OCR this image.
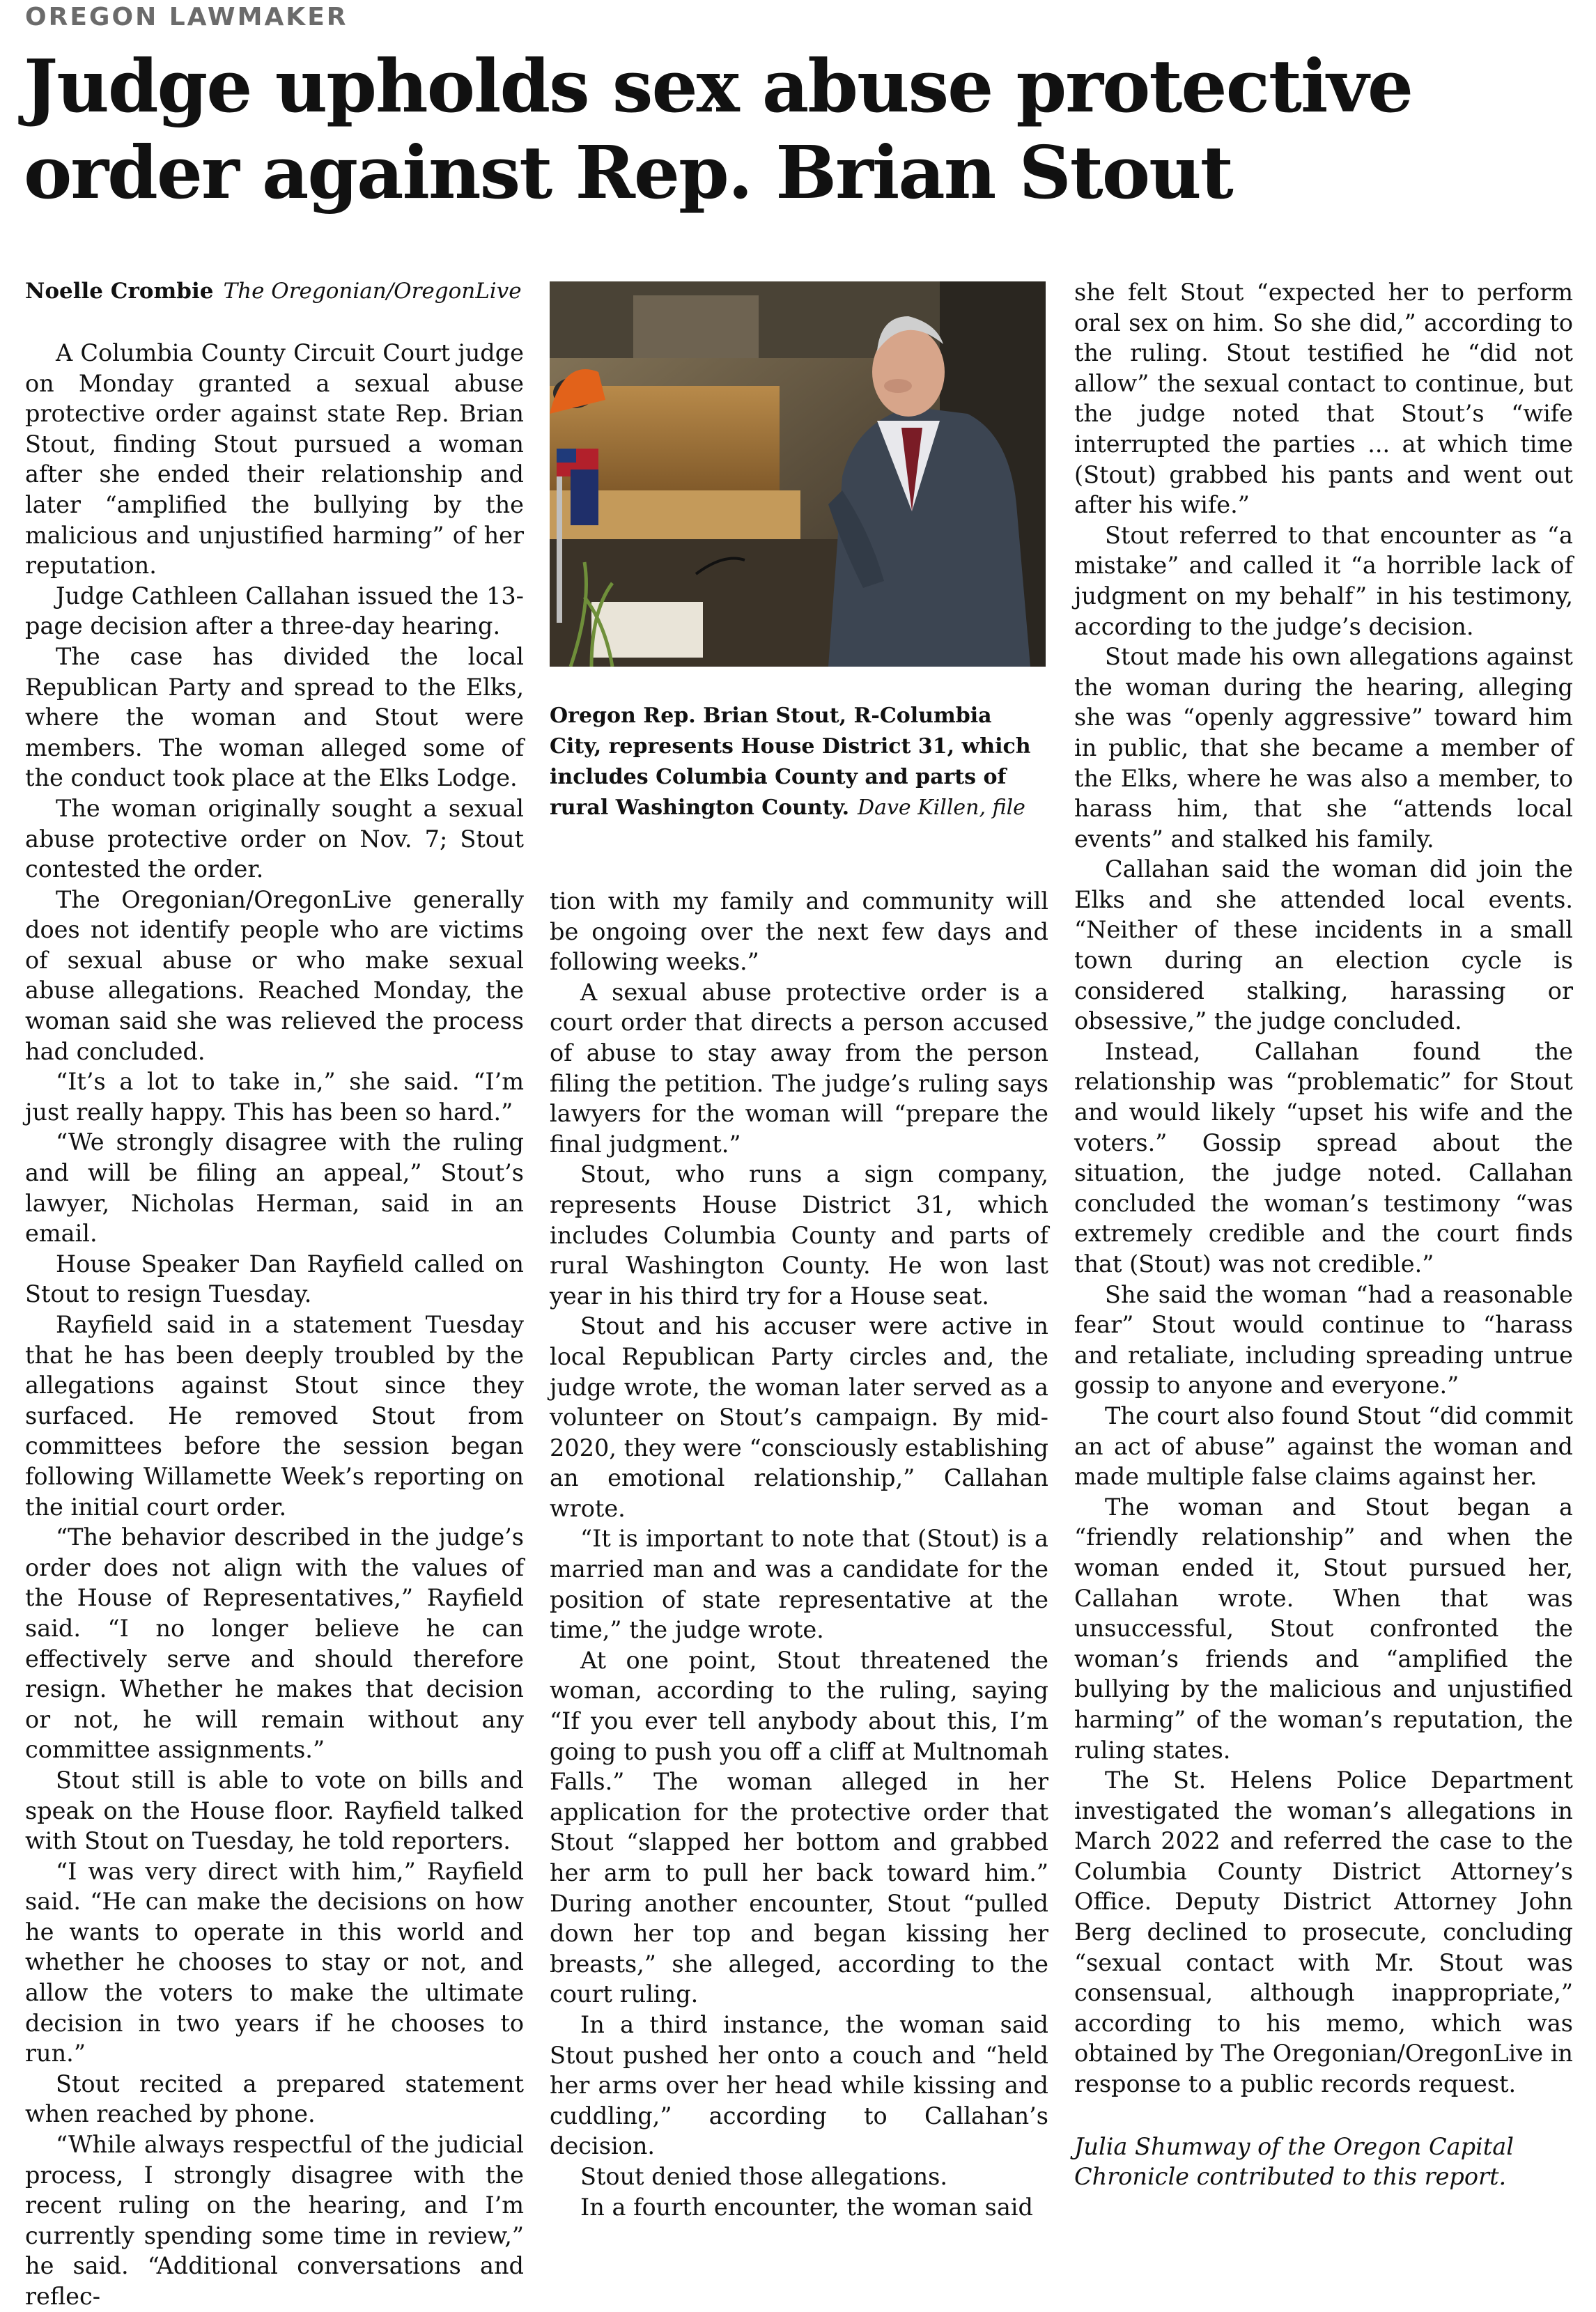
OREGON LAWMAKER
Judge upholds sex abuse protective order against Rep. Brian Stout
Noelle Crombie The Oregonian/OregonLive

A Columbia County Circuit Court judge on Monday granted a sexual abuse protective order against state Rep. Brian Stout, finding Stout pursued a woman after she ended their relationship and later “amplified the bullying by the malicious and unjustified harming” of her reputation.

Judge Cathleen Callahan issued the 13-page decision after a three-day hearing.

The case has divided the local Republican Party and spread to the Elks, where the woman and Stout were members. The woman alleged some of the conduct took place at the Elks Lodge.

The woman originally sought a sexual abuse protective order on Nov. 7; Stout contested the order.

The Oregonian/OregonLive generally does not identify people who are victims of sexual abuse or who make sexual abuse allegations. Reached Monday, the woman said she was relieved the process had concluded.

“It’s a lot to take in,” she said. “I’m just really happy. This has been so hard.”

“We strongly disagree with the ruling and will be filing an appeal,” Stout’s lawyer, Nicholas Herman, said in an email.

House Speaker Dan Rayfield called on Stout to resign Tuesday.

Rayfield said in a statement Tuesday that he has been deeply troubled by the allegations against Stout since they surfaced. He removed Stout from committees before the session began following Willamette Week’s reporting on the initial court order.

“The behavior described in the judge’s order does not align with the values of the House of Representatives,” Rayfield said. “I no longer believe he can effectively serve and should therefore resign. Whether he makes that decision or not, he will remain without any committee assignments.”

Stout still is able to vote on bills and speak on the House floor. Rayfield talked with Stout on Tuesday, he told reporters.

“I was very direct with him,” Rayfield said. “He can make the decisions on how he wants to operate in this world and whether he chooses to stay or not, and allow the voters to make the ultimate decision in two years if he chooses to run.”

Stout recited a prepared statement when reached by phone.

“While always respectful of the judicial process, I strongly disagree with the recent ruling on the hearing, and I’m currently spending some time in review,” he said. “Additional conversations and reflec-

Oregon Rep. Brian Stout, R-Columbia City, represents House District 31, which includes Columbia County and parts of rural Washington County. Dave Killen, file

tion with my family and community will be ongoing over the next few days and following weeks.”

A sexual abuse protective order is a court order that directs a person accused of abuse to stay away from the person filing the petition. The judge’s ruling says lawyers for the woman will “prepare the final judgment.”

Stout, who runs a sign company, represents House District 31, which includes Columbia County and parts of rural Washington County. He won last year in his third try for a House seat.

Stout and his accuser were active in local Republican Party circles and, the judge wrote, the woman later served as a volunteer on Stout’s campaign. By mid-2020, they were “consciously establishing an emotional relationship,” Callahan wrote.

“It is important to note that (Stout) is a married man and was a candidate for the position of state representative at the time,” the judge wrote.

At one point, Stout threatened the woman, according to the ruling, saying “If you ever tell anybody about this, I’m going to push you off a cliff at Multnomah Falls.” The woman alleged in her application for the protective order that Stout “slapped her bottom and grabbed her arm to pull her back toward him.” During another encounter, Stout “pulled down her top and began kissing her breasts,” she alleged, according to the court ruling.

In a third instance, the woman said Stout pushed her onto a couch and “held her arms over her head while kissing and cuddling,” according to Callahan’s decision.

Stout denied those allegations.

In a fourth encounter, the woman said

she felt Stout “expected her to perform oral sex on him. So she did,” according to the ruling. Stout testified he “did not allow” the sexual contact to continue, but the judge noted that Stout’s “wife interrupted the parties ... at which time (Stout) grabbed his pants and went out after his wife.”

Stout referred to that encounter as “a mistake” and called it “a horrible lack of judgment on my behalf” in his testimony, according to the judge’s decision.

Stout made his own allegations against the woman during the hearing, alleging she was “openly aggressive” toward him in public, that she became a member of the Elks, where he was also a member, to harass him, that she “attends local events” and stalked his family.

Callahan said the woman did join the Elks and she attended local events. “Neither of these incidents in a small town during an election cycle is considered stalking, harassing or obsessive,” the judge concluded.

Instead, Callahan found the relationship was “problematic” for Stout and would likely “upset his wife and the voters.” Gossip spread about the situation, the judge noted. Callahan concluded the woman’s testimony “was extremely credible and the court finds that (Stout) was not credible.”

She said the woman “had a reasonable fear” Stout would continue to “harass and retaliate, including spreading untrue gossip to anyone and everyone.”

The court also found Stout “did commit an act of abuse” against the woman and made multiple false claims against her.

The woman and Stout began a “friendly relationship” and when the woman ended it, Stout pursued her, Callahan wrote. When that was unsuccessful, Stout confronted the woman’s friends and “amplified the bullying by the malicious and unjustified harming” of the woman’s reputation, the ruling states.

The St. Helens Police Department investigated the woman’s allegations in March 2022 and referred the case to the Columbia County District Attorney’s Office. Deputy District Attorney John Berg declined to prosecute, concluding “sexual contact with Mr. Stout was consensual, although inappropriate,” according to his memo, which was obtained by The Oregonian/OregonLive in response to a public records request.

Julia Shumway of the Oregon Capital Chronicle contributed to this report.
